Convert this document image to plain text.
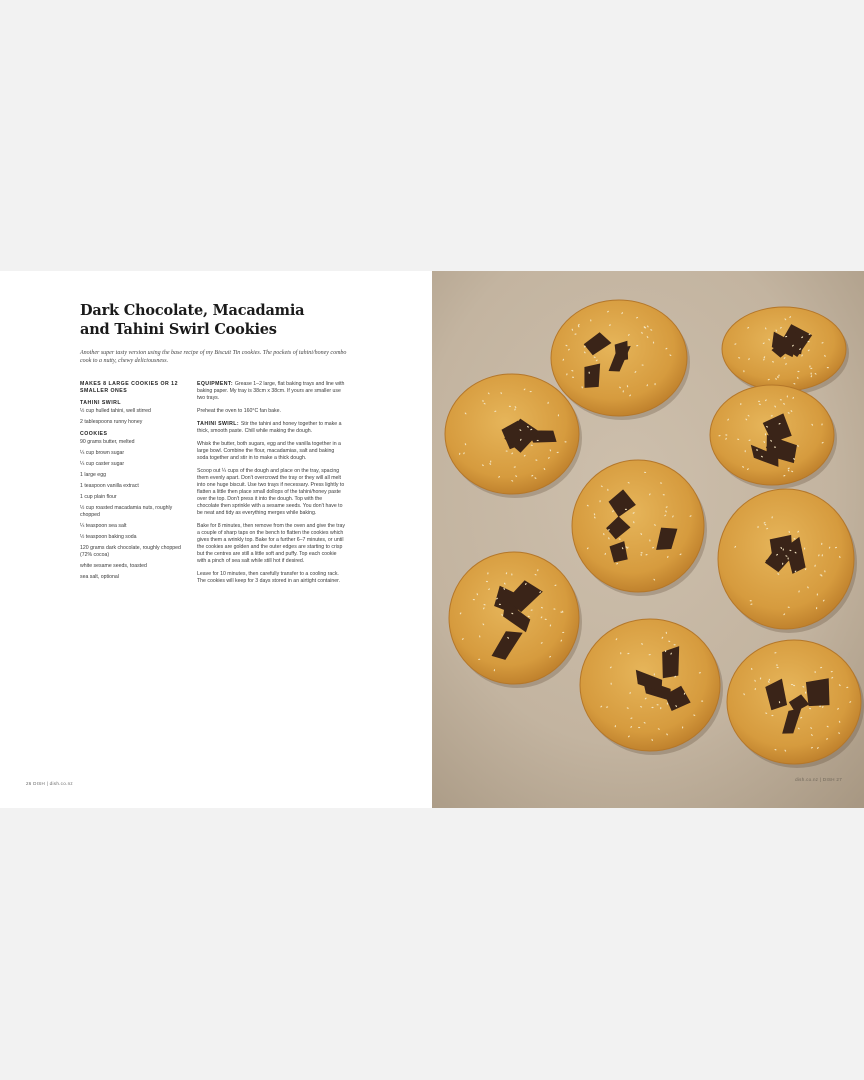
Dark Chocolate, Macadamia
and Tahini Swirl Cookies

Another super tasty version using the base recipe of my Biscuit Tin cookies. The pockets of tahini/honey combo cook to a nutty, chewy deliciousness.

MAKES 8 LARGE COOKIES OR 12 SMALLER ONES
TAHINI SWIRL
½ cup hulled tahini, well stirred
2 tablespoons runny honey
COOKIES
90 grams butter, melted
¼ cup brown sugar
¼ cup caster sugar
1 large egg
1 teaspoon vanilla extract
1 cup plain flour
½ cup roasted macadamia nuts, roughly chopped
¼ teaspoon sea salt
½ teaspoon baking soda
120 grams dark chocolate, roughly chopped (72% cocoa)
white sesame seeds, toasted
sea salt, optional
EQUIPMENT: Grease 1–2 large, flat baking trays and line with baking paper. My tray is 38cm x 38cm. If yours are smaller use two trays.
Preheat the oven to 160°C fan bake.
TAHINI SWIRL: Stir the tahini and honey together to make a thick, smooth paste. Chill while making the dough.
Whisk the butter, both sugars, egg and the vanilla together in a large bowl. Combine the flour, macadamias, salt and baking soda together and stir in to make a thick dough.
Scoop out ¼ cups of the dough and place on the tray, spacing them evenly apart. Don't overcrowd the tray or they will all melt into one huge biscuit. Use two trays if necessary. Press lightly to flatten a little then place small dollops of the tahini/honey paste over the top. Don't press it into the dough. Top with the chocolate then sprinkle with a sesame seeds. You don't have to be neat and tidy as everything merges while baking.
Bake for 8 minutes, then remove from the oven and give the tray a couple of sharp taps on the bench to flatten the cookies which gives them a wrinkly top. Bake for a further 6–7 minutes, or until the cookies are golden and the outer edges are starting to crisp but the centres are still a little soft and puffy. Top each cookie with a pinch of sea salt while still hot if desired.
Leave for 10 minutes, then carefully transfer to a cooling rack. The cookies will keep for 3 days stored in an airtight container.
26 DISH | dish.co.nz
dish.co.nz | DISH 27
